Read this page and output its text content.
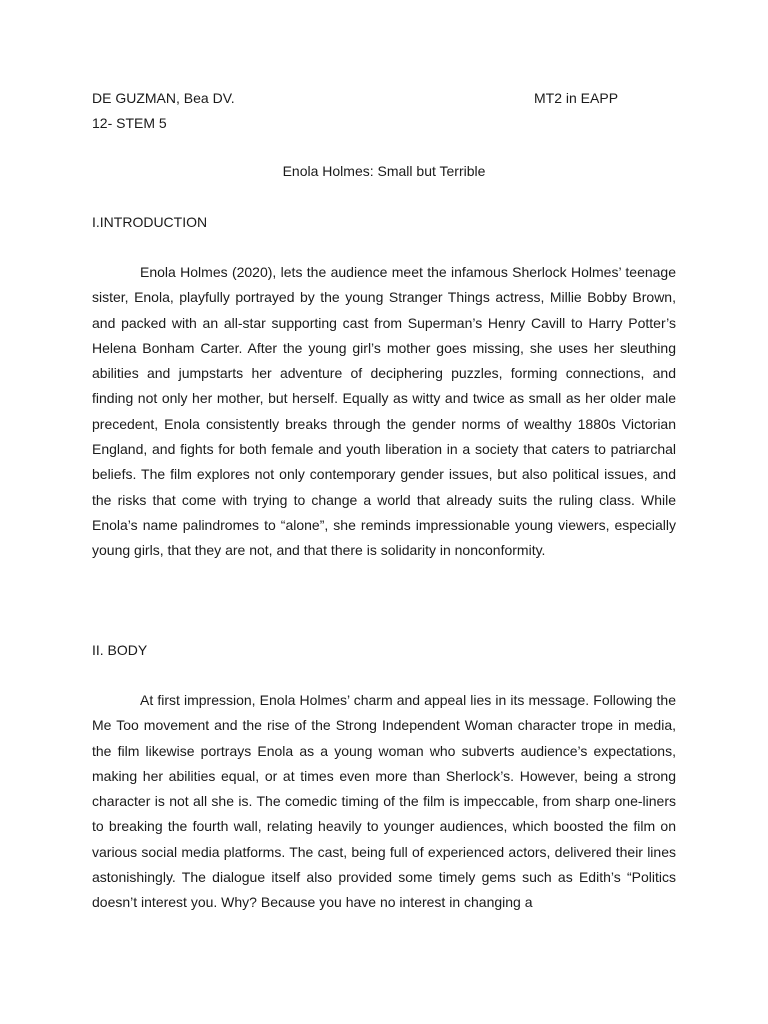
DE GUZMAN, Bea DV.	MT2 in EAPP
12- STEM 5
Enola Holmes: Small but Terrible
I.INTRODUCTION

Enola Holmes (2020), lets the audience meet the infamous Sherlock Holmes’ teenage sister, Enola, playfully portrayed by the young Stranger Things actress, Millie Bobby Brown, and packed with an all-star supporting cast from Superman’s Henry Cavill to Harry Potter’s Helena Bonham Carter. After the young girl’s mother goes missing, she uses her sleuthing abilities and jumpstarts her adventure of deciphering puzzles, forming connections, and finding not only her mother, but herself. Equally as witty and twice as small as her older male precedent, Enola consistently breaks through the gender norms of wealthy 1880s Victorian England, and fights for both female and youth liberation in a society that caters to patriarchal beliefs. The film explores not only contemporary gender issues, but also political issues, and the risks that come with trying to change a world that already suits the ruling class. While Enola’s name palindromes to “alone”, she reminds impressionable young viewers, especially young girls, that they are not, and that there is solidarity in nonconformity.

II. BODY

At first impression, Enola Holmes’ charm and appeal lies in its message. Following the Me Too movement and the rise of the Strong Independent Woman character trope in media, the film likewise portrays Enola as a young woman who subverts audience’s expectations, making her abilities equal, or at times even more than Sherlock’s. However, being a strong character is not all she is. The comedic timing of the film is impeccable, from sharp one-liners to breaking the fourth wall, relating heavily to younger audiences, which boosted the film on various social media platforms. The cast, being full of experienced actors, delivered their lines astonishingly. The dialogue itself also provided some timely gems such as Edith’s “Politics doesn’t interest you. Why? Because you have no interest in changing a
